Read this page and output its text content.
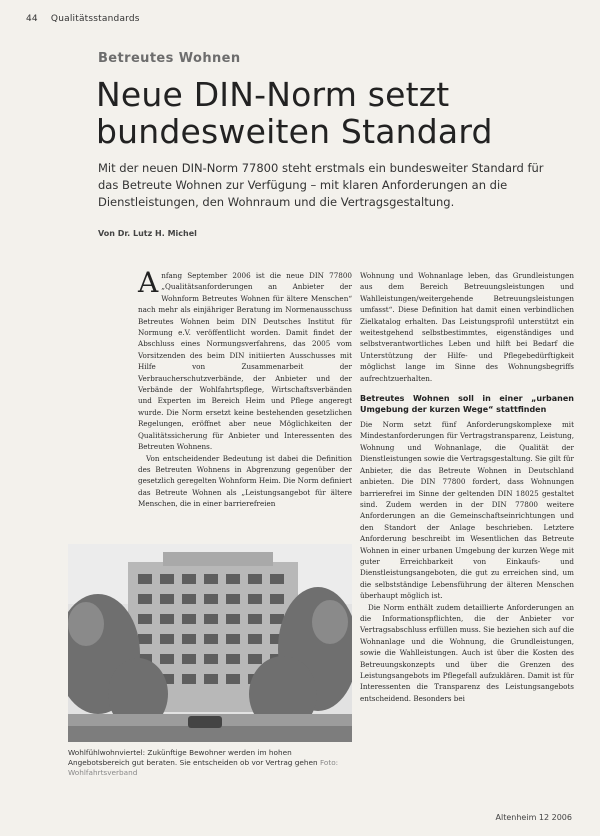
44 Qualitätsstandards
Betreutes Wohnen
Neue DIN-Norm setzt bundesweiten Standard
Mit der neuen DIN-Norm 77800 steht erstmals ein bundesweiter Standard für das Betreute Wohnen zur Verfügung – mit klaren Anforderungen an die Dienstleistungen, den Wohnraum und die Vertragsgestaltung.
Von Dr. Lutz H. Michel

Anfang September 2006 ist die neue DIN 77800 „Qualitätsanforderungen an Anbieter der Wohnform Betreutes Wohnen für ältere Menschen“ nach mehr als einjähriger Beratung im Normenausschuss Betreutes Wohnen beim DIN Deutsches Institut für Normung e.V. veröffentlicht worden. Damit findet der Abschluss eines Normungsverfahrens, das 2005 vom Vorsitzenden des beim DIN initiierten Ausschusses mit Hilfe von Zusammenarbeit der Verbraucherschutzverbände, der Anbieter und der Verbände der Wohlfahrtspflege, Wirtschaftsverbänden und Experten im Bereich Heim und Pflege angeregt wurde. Die Norm ersetzt keine bestehenden gesetzlichen Regelungen, eröffnet aber neue Möglichkeiten der Qualitätssicherung für Anbieter und Interessenten des Betreuten Wohnens.

Von entscheidender Bedeutung ist dabei die Definition des Betreuten Wohnens in Abgrenzung gegenüber der gesetzlich geregelten Wohnform Heim. Die Norm definiert das Betreute Wohnen als „Leistungsangebot für ältere Menschen, die in einer barrierefreien

Wohnung und Wohnanlage leben, das Grundleistungen aus dem Bereich Betreuungsleistungen und Wahlleistungen/weitergehende Betreuungsleistungen umfasst“. Diese Definition hat damit einen verbindlichen Zielkatalog erhalten. Das Leistungsprofil unterstützt ein weitestgehend selbstbestimmtes, eigenständiges und selbstverantwortliches Leben und hilft bei Bedarf die Unterstützung der Hilfe- und Pflegebedürftigkeit möglichst lange im Sinne des Wohnungsbegriffs aufrechtzuerhalten.

Betreutes Wohnen soll in einer „urbanen Umgebung der kurzen Wege“ stattfinden

Die Norm setzt fünf Anforderungskomplexe mit Mindestanforderungen für Vertragstransparenz, Leistung, Wohnung und Wohnanlage, die Qualität der Dienstleistungen sowie die Vertragsgestaltung. Sie gilt für Anbieter, die das Betreute Wohnen in Deutschland anbieten. Die DIN 77800 fordert, dass Wohnungen barrierefrei im Sinne der geltenden DIN 18025 gestaltet sind. Zudem werden in der DIN 77800 weitere Anforderungen an die Gemeinschaftseinrichtungen und den Standort der Anlage beschrieben. Letztere Anforderung beschreibt im Wesentlichen das Betreute Wohnen in einer urbanen Umgebung der kurzen Wege mit guter Erreichbarkeit von Einkaufs- und Dienstleistungsangeboten, die gut zu erreichen sind, um die selbstständige Lebensführung der älteren Menschen überhaupt möglich ist.

Die Norm enthält zudem detaillierte Anforderungen an die Informationspflichten, die der Anbieter vor Vertragsabschluss erfüllen muss. Sie beziehen sich auf die Wohnanlage und die Wohnung, die Grundleistungen, sowie die Wahlleistungen. Auch ist über die Kosten des Betreuungskonzepts und über die Grenzen des Leistungsangebots im Pflegefall aufzuklären. Damit ist für Interessenten die Transparenz des Leistungsangebots entscheidend. Besonders bei

Wohlfühlwohnviertel: Zukünftige Bewohner werden im hohen Angebotsbereich gut beraten. Sie entscheiden ob vor Vertrag gehen Foto: Wohlfahrtsverband
Altenheim 12 2006
